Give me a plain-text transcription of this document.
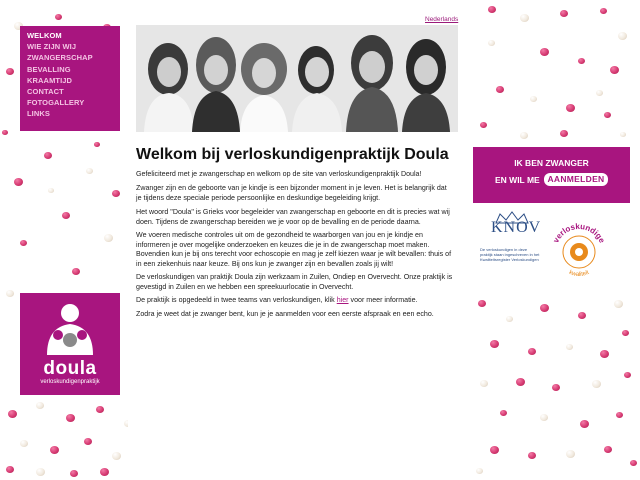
WELKOM
WIE ZIJN WIJ
ZWANGERSCHAP
BEVALLING
KRAAMTIJD
CONTACT
FOTOGALLERY
LINKS
Nederlands
Welkom bij verloskundigenpraktijk Doula

Gefeliciteerd met je zwangerschap en welkom op de site van verloskundigenpraktijk Doula!

Zwanger zijn en de geboorte van je kindje is een bijzonder moment in je leven. Het is belangrijk dat je tijdens deze speciale periode persoonlijke en deskundige begeleiding krijgt.

Het woord "Doula" is Grieks voor begeleider van zwangerschap en geboorte en dit is precies wat wij doen. Tijdens de zwangerschap bereiden we je voor op de bevalling en de periode daarna.

We voeren medische controles uit om de gezondheid te waarborgen van jou en je kindje en informeren je over mogelijke onderzoeken en keuzes die je in de zwangerschap moet maken. Bovendien kun je bij ons terecht voor echoscopie en mag je zelf kiezen waar je wilt bevallen: thuis of in een ziekenhuis naar keuze. Bij ons kun je zwanger zijn en bevallen zoals jij wilt!

De verloskundigen van praktijk Doula zijn werkzaam in Zuilen, Ondiep en Overvecht. Onze praktijk is gevestigd in Zuilen en we hebben een spreekuurlocatie in Overvecht.

De praktijk is opgedeeld in twee teams van verloskundigen, klik hier voor meer informatie.

Zodra je weet dat je zwanger bent, kun je je aanmelden voor een eerste afspraak en een echo.

doula
verloskundigenpraktijk
IK BEN ZWANGER
EN WIL ME AANMELDEN
KNOV
De verloskundigen in deze praktijk staan ingeschreven in het Kwaliteitsregister Verloskundigen
verloskundige
kwaliteit
